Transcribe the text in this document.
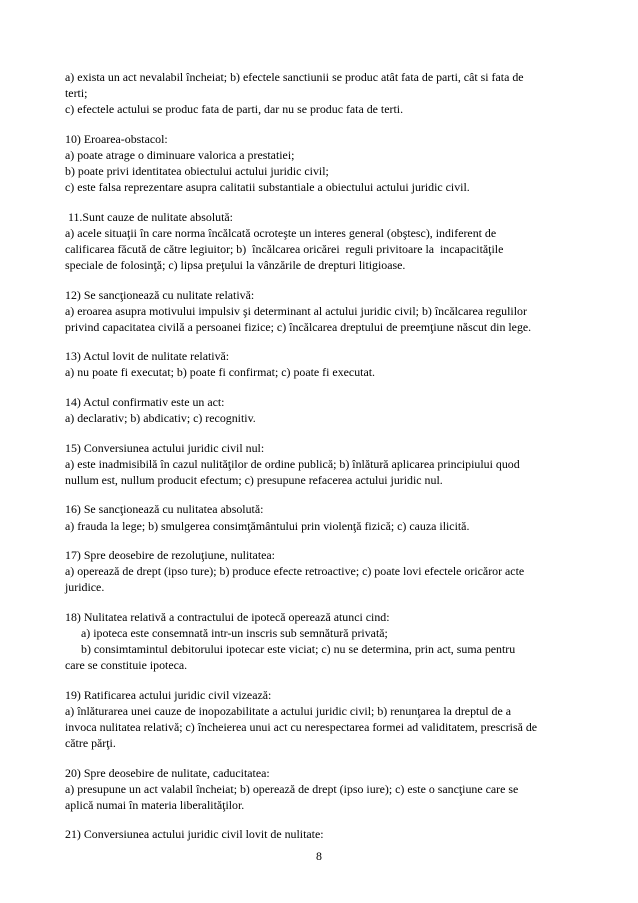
a) exista un act nevalabil încheiat; b) efectele sanctiunii se produc atât fata de parti, cât si fata de
terti;
c) efectele actului se produc fata de parti, dar nu se produc fata de terti.
10) Eroarea-obstacol:
a) poate atrage o diminuare valorica a prestatiei;
b) poate privi identitatea obiectului actului juridic civil;
c) este falsa reprezentare asupra calitatii substantiale a obiectului actului juridic civil.
11.Sunt cauze de nulitate absolută:
a) acele situaţii în care norma încălcată ocroteşte un interes general (obştesc), indiferent de
calificarea făcută de către legiuitor; b)  încălcarea oricărei  reguli privitoare la  incapacităţile
speciale de folosinţă; c) lipsa preţului la vânzările de drepturi litigioase.
12) Se sancţionează cu nulitate relativă:
a) eroarea asupra motivului impulsiv şi determinant al actului juridic civil; b) încălcarea regulilor
privind capacitatea civilă a persoanei fizice; c) încălcarea dreptului de preemţiune născut din lege.
13) Actul lovit de nulitate relativă:
a) nu poate fi executat; b) poate fi confirmat; c) poate fi executat.
14) Actul confirmativ este un act:
a) declarativ; b) abdicativ; c) recognitiv.
15) Conversiunea actului juridic civil nul:
a) este inadmisibilă în cazul nulităţilor de ordine publică; b) înlătură aplicarea principiului quod
nullum est, nullum producit efectum; c) presupune refacerea actului juridic nul.
16) Se sancţionează cu nulitatea absolută:
a) frauda la lege; b) smulgerea consimţământului prin violenţă fizică; c) cauza ilicită.
17) Spre deosebire de rezoluţiune, nulitatea:
a) operează de drept (ipso ture); b) produce efecte retroactive; c) poate lovi efectele oricăror acte
juridice.
18) Nulitatea relativă a contractului de ipotecă operează atunci cind:
a) ipoteca este consemnată intr-un inscris sub semnătură privată;
b) consimtamintul debitorului ipotecar este viciat; c) nu se determina, prin act, suma pentru
care se constituie ipoteca.
19) Ratificarea actului juridic civil vizează:
a) înlăturarea unei cauze de inopozabilitate a actului juridic civil; b) renunţarea la dreptul de a
invoca nulitatea relativă; c) încheierea unui act cu nerespectarea formei ad validitatem, prescrisă de
către părţi.
20) Spre deosebire de nulitate, caducitatea:
a) presupune un act valabil încheiat; b) operează de drept (ipso iure); c) este o sancţiune care se
aplică numai în materia liberalităţilor.
21) Conversiunea actului juridic civil lovit de nulitate:
8
